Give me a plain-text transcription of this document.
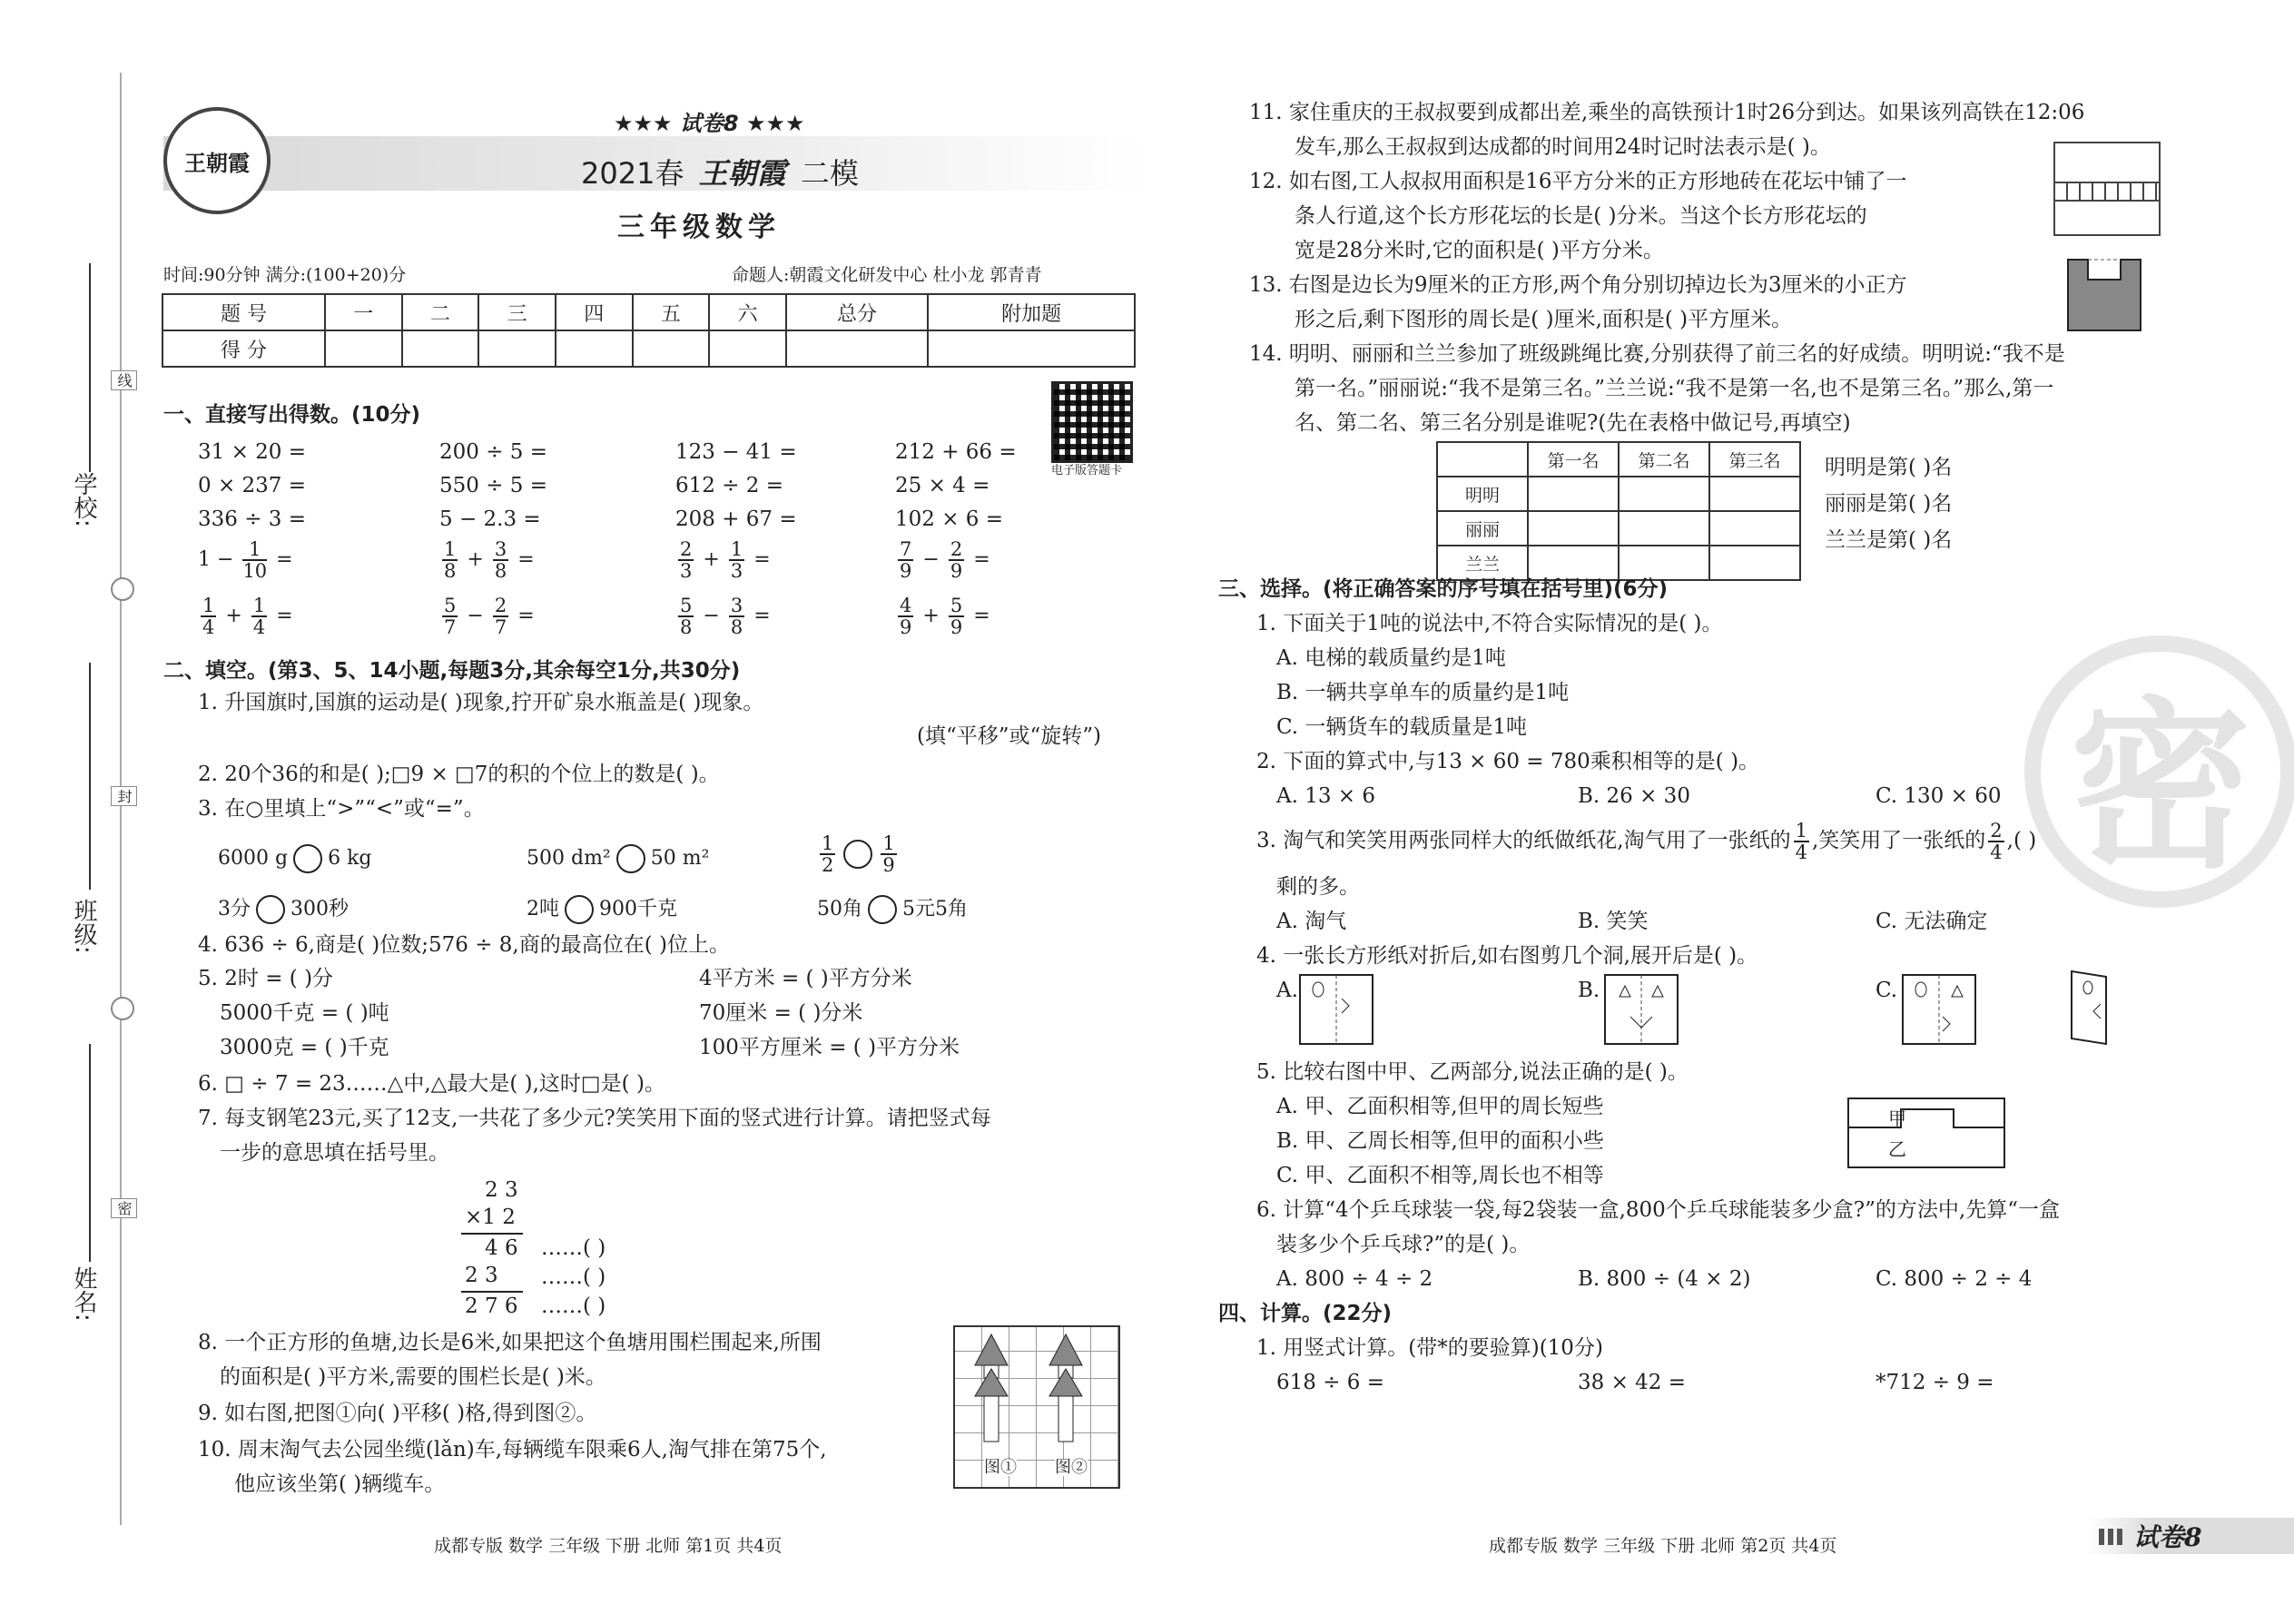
学校:
班级:
姓名:
线
封
密
王朝霞
★★★ 试卷8 ★★★
2021春 王朝霞 二模
三年级数学
时间:90分钟 满分:(100+20)分	命题人:朝霞文化研发中心 杜小龙 郭青青
题 号	一	二	三	四	五	六	总分	附加题
得 分								
电子版答题卡
一、直接写出得数。(10分)
31 × 20 =	200 ÷ 5 =	123 − 41 =	212 + 66 =
0 × 237 =	550 ÷ 5 =	612 ÷ 2 =	25 × 4 =
336 ÷ 3 =	5 − 2.3 =	208 + 67 =	102 × 6 =
$1 - \frac{1}{10}$ =	$\frac{1}{8} + \frac{3}{8}$ =	$\frac{2}{3} + \frac{1}{3}$ =	$\frac{7}{9} - \frac{2}{9}$ =
$\frac{1}{4} + \frac{1}{4}$ =	$\frac{5}{7} - \frac{2}{7}$ =	$\frac{5}{8} - \frac{3}{8}$ =	$\frac{4}{9} + \frac{5}{9}$ =
二、填空。(第3、5、14小题,每题3分,其余每空1分,共30分)
1. 升国旗时,国旗的运动是( )现象,拧开矿泉水瓶盖是( )现象。
(填“平移”或“旋转”)
2. 20个36的和是( );□9 × □7的积的个位上的数是( )。
3. 在○里填上“>”“<”或“=”。
6000 g 6 kg	500 dm² 50 m²	$\frac{1}{2} \frac{1}{9}$
3分 300秒	2吨 900千克	50角 5元5角
4. 636 ÷ 6,商是( )位数;576 ÷ 8,商的最高位在( )位上。
5. 2时 = ( )分	4平方米 = ( )平方分米
5000千克 = ( )吨	70厘米 = ( )分米
3000克 = ( )千克	100平方厘米 = ( )平方分米
6. □ ÷ 7 = 23……△中,△最大是( ),这时□是( )。
7. 每支钢笔23元,买了12支,一共花了多少元?笑笑用下面的竖式进行计算。请把竖式每
一步的意思填在括号里。
2 3
×1 2
4 6
2 3
2 7 6
……( )
……( )
……( )
8. 一个正方形的鱼塘,边长是6米,如果把这个鱼塘用围栏围起来,所围
的面积是( )平方米,需要的围栏长是( )米。
9. 如右图,把图①向( )平移( )格,得到图②。
10. 周末淘气去公园坐缆(lǎn)车,每辆缆车限乘6人,淘气排在第75个,
他应该坐第( )辆缆车。
图① 图②
成都专版 数学 三年级 下册 北师 第1页 共4页
密
11. 家住重庆的王叔叔要到成都出差,乘坐的高铁预计1时26分到达。如果该列高铁在12:06
发车,那么王叔叔到达成都的时间用24时记时法表示是( )。
12. 如右图,工人叔叔用面积是16平方分米的正方形地砖在花坛中铺了一
条人行道,这个长方形花坛的长是( )分米。当这个长方形花坛的
宽是28分米时,它的面积是( )平方分米。
13. 右图是边长为9厘米的正方形,两个角分别切掉边长为3厘米的小正方
形之后,剩下图形的周长是( )厘米,面积是( )平方厘米。
14. 明明、丽丽和兰兰参加了班级跳绳比赛,分别获得了前三名的好成绩。明明说:“我不是
第一名。”丽丽说:“我不是第三名。”兰兰说:“我不是第一名,也不是第三名。”那么,第一
名、第二名、第三名分别是谁呢?(先在表格中做记号,再填空)
	第一名	第二名	第三名
明明			
丽丽			
兰兰			
明明是第( )名
丽丽是第( )名
兰兰是第( )名
三、选择。(将正确答案的序号填在括号里)(6分)
1. 下面关于1吨的说法中,不符合实际情况的是( )。
A. 电梯的载质量约是1吨
B. 一辆共享单车的质量约是1吨
C. 一辆货车的载质量是1吨
2. 下面的算式中,与13 × 60 = 780乘积相等的是( )。
A. 13 × 6	B. 26 × 30	C. 130 × 60
3. 淘气和笑笑用两张同样大的纸做纸花,淘气用了一张纸的 $\frac{1}{4}$ ,笑笑用了一张纸的 $\frac{2}{4}$ ,( )
剩的多。
A. 淘气	B. 笑笑	C. 无法确定
4. 一张长方形纸对折后,如右图剪几个洞,展开后是( )。
A.	B.	C.
5. 比较右图中甲、乙两部分,说法正确的是( )。
A. 甲、乙面积相等,但甲的周长短些
B. 甲、乙周长相等,但甲的面积小些
C. 甲、乙面积不相等,周长也不相等
甲
乙
6. 计算“4个乒乓球装一袋,每2袋装一盒,800个乒乓球能装多少盒?”的方法中,先算“一盒
装多少个乒乓球?”的是( )。
A. 800 ÷ 4 ÷ 2	B. 800 ÷ (4 × 2)	C. 800 ÷ 2 ÷ 4
四、计算。(22分)
1. 用竖式计算。(带*的要验算)(10分)
618 ÷ 6 =	38 × 42 =	*712 ÷ 9 =
成都专版 数学 三年级 下册 北师 第2页 共4页	试卷8
